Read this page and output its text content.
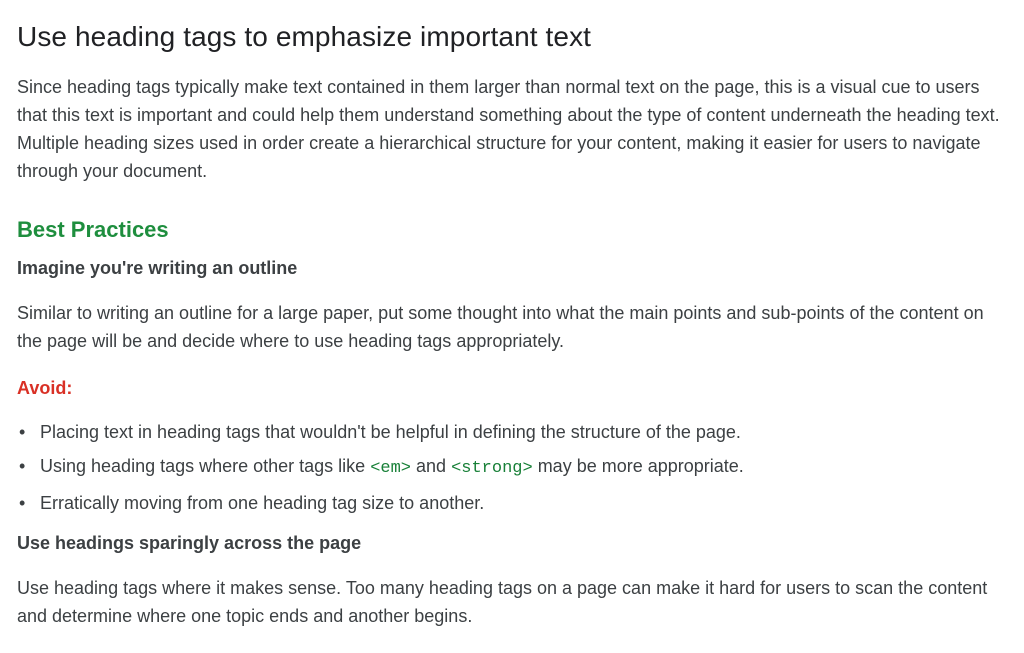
Use heading tags to emphasize important text

Since heading tags typically make text contained in them larger than normal text on the page, this is a visual cue to users that this text is important and could help them understand something about the type of content underneath the heading text. Multiple heading sizes used in order create a hierarchical structure for your content, making it easier for users to navigate through your document.

Best Practices
Imagine you're writing an outline

Similar to writing an outline for a large paper, put some thought into what the main points and sub-points of the content on the page will be and decide where to use heading tags appropriately.

Avoid:
• Placing text in heading tags that wouldn't be helpful in defining the structure of the page.
• Using heading tags where other tags like <em> and <strong> may be more appropriate.
• Erratically moving from one heading tag size to another.
Use headings sparingly across the page

Use heading tags where it makes sense. Too many heading tags on a page can make it hard for users to scan the content and determine where one topic ends and another begins.
